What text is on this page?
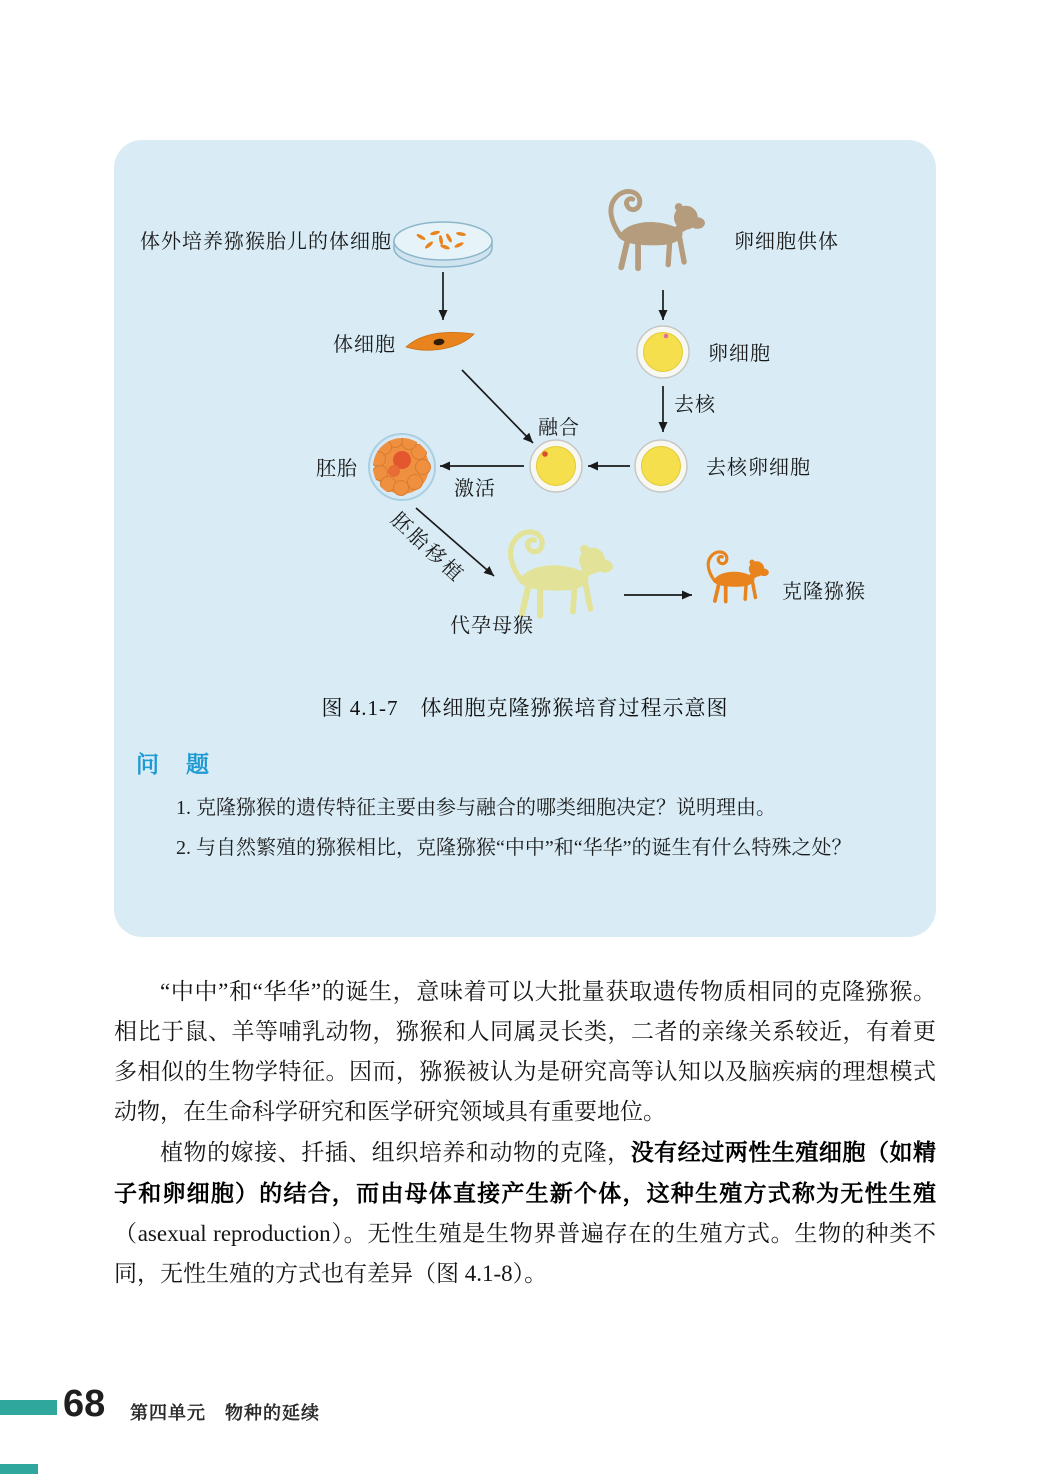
体外培养猕猴胎儿的体细胞	卵细胞供体
体细胞	卵细胞
去核
去核卵细胞
融合
激活
胚胎
胚胎移植
代孕母猴
克隆猕猴
图 4.1-7　体细胞克隆猕猴培育过程示意图
问　题

1. 克隆猕猴的遗传特征主要由参与融合的哪类细胞决定？说明理由。

2. 与自然繁殖的猕猴相比，克隆猕猴“中中”和“华华”的诞生有什么特殊之处？

“中中”和“华华”的诞生，意味着可以大批量获取遗传物质相同的克隆猕猴。相比于鼠、羊等哺乳动物，猕猴和人同属灵长类，二者的亲缘关系较近，有着更多相似的生物学特征。因而，猕猴被认为是研究高等认知以及脑疾病的理想模式动物，在生命科学研究和医学研究领域具有重要地位。

植物的嫁接、扦插、组织培养和动物的克隆，没有经过两性生殖细胞（如精子和卵细胞）的结合，而由母体直接产生新个体，这种生殖方式称为无性生殖（asexual reproduction）。无性生殖是生物界普遍存在的生殖方式。生物的种类不同，无性生殖的方式也有差异（图 4.1-8）。

68 第四单元　物种的延续
